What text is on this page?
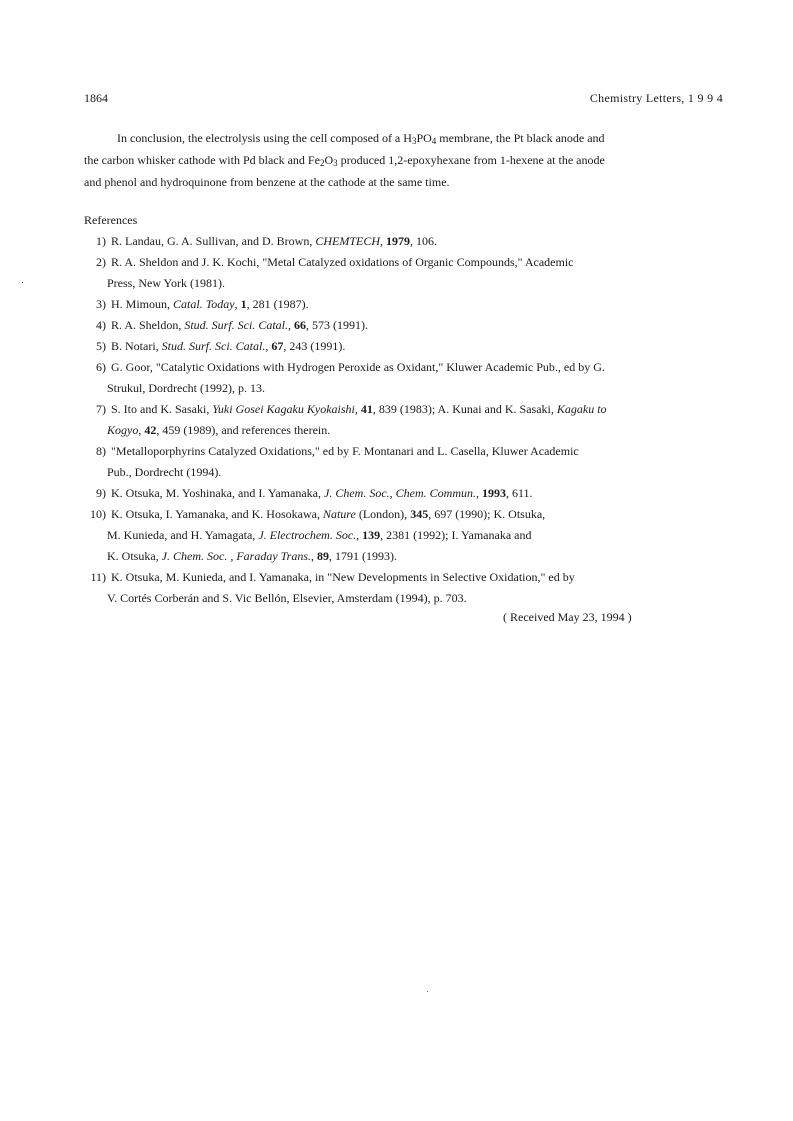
1864	Chemistry Letters, 1 9 9 4
In conclusion, the electrolysis using the cell composed of a $H_3PO_4$ membrane, the Pt black anode and
the carbon whisker cathode with Pd black and $Fe_2O_3$ produced 1,2-epoxyhexane from 1-hexene at the anode
and phenol and hydroquinone from benzene at the cathode at the same time.
References
1) R. Landau, G. A. Sullivan, and D. Brown, CHEMTECH, 1979, 106.
2) R. A. Sheldon and J. K. Kochi, "Metal Catalyzed oxidations of Organic Compounds," Academic
Press, New York (1981).
3) H. Mimoun, Catal. Today, 1, 281 (1987).
4) R. A. Sheldon, Stud. Surf. Sci. Catal., 66, 573 (1991).
5) B. Notari, Stud. Surf. Sci. Catal., 67, 243 (1991).
6) G. Goor, "Catalytic Oxidations with Hydrogen Peroxide as Oxidant," Kluwer Academic Pub., ed by G.
Strukul, Dordrecht (1992), p. 13.
7) S. Ito and K. Sasaki, Yuki Gosei Kagaku Kyokaishi, 41, 839 (1983); A. Kunai and K. Sasaki, Kagaku to
Kogyo, 42, 459 (1989), and references therein.
8) "Metalloporphyrins Catalyzed Oxidations," ed by F. Montanari and L. Casella, Kluwer Academic
Pub., Dordrecht (1994).
9) K. Otsuka, M. Yoshinaka, and I. Yamanaka, J. Chem. Soc., Chem. Commun., 1993, 611.
10) K. Otsuka, I. Yamanaka, and K. Hosokawa, Nature (London), 345, 697 (1990); K. Otsuka,
M. Kunieda, and H. Yamagata, J. Electrochem. Soc., 139, 2381 (1992); I. Yamanaka and
K. Otsuka, J. Chem. Soc. , Faraday Trans., 89, 1791 (1993).
11) K. Otsuka, M. Kunieda, and I. Yamanaka, in "New Developments in Selective Oxidation," ed by
V. Cortés Corberán and S. Vic Bellón, Elsevier, Amsterdam (1994), p. 703.
( Received May 23, 1994 )
